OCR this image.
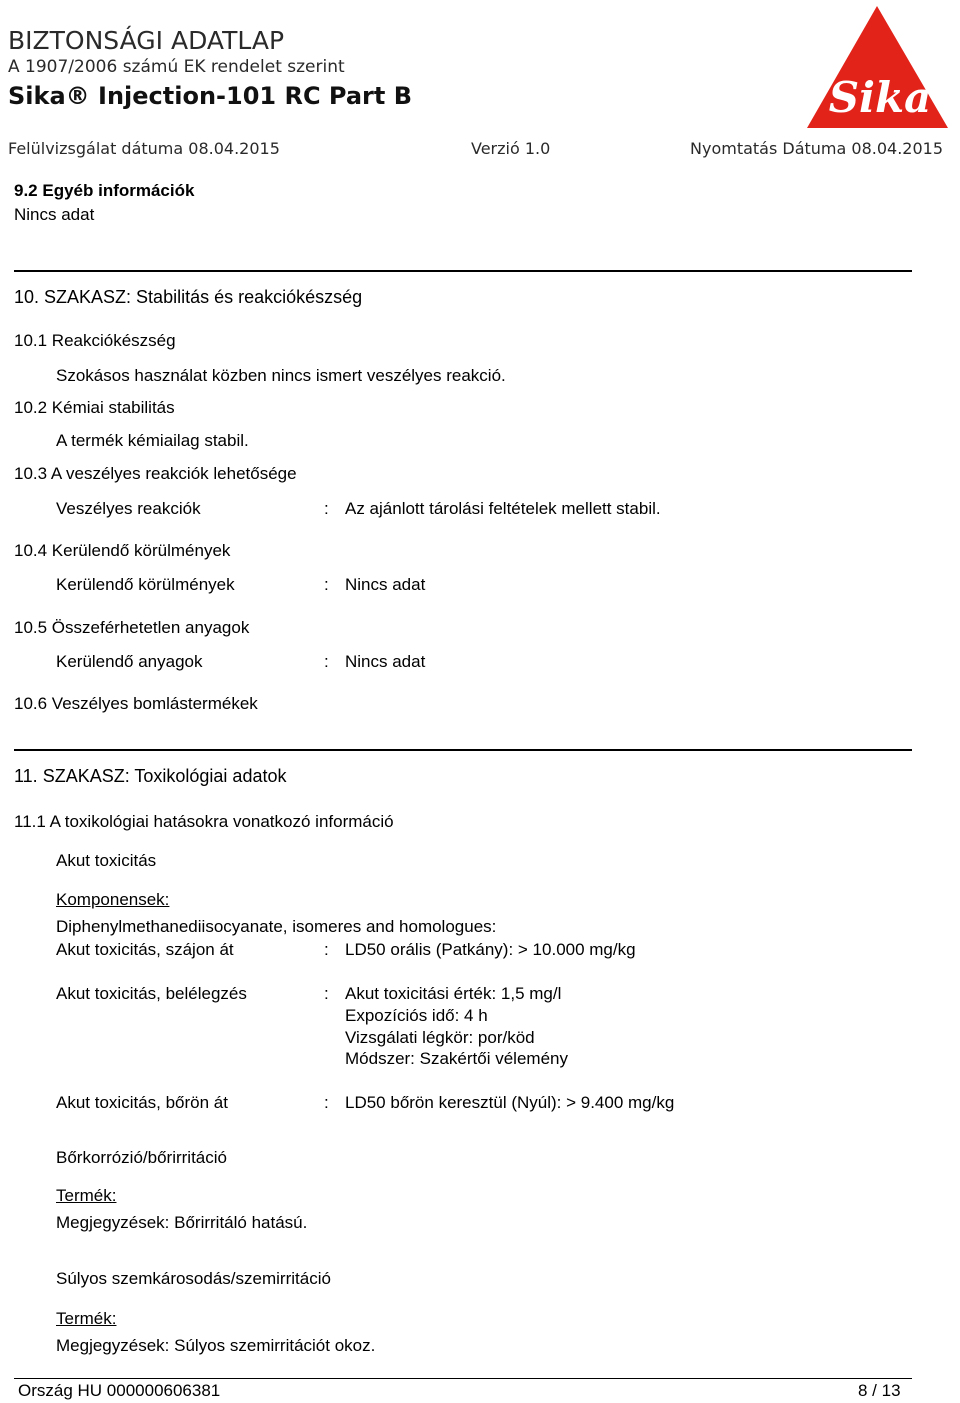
BIZTONSÁGI ADATLAP
A 1907/2006 számú EK rendelet szerint
Sika® Injection-101 RC Part B
Felülvizsgálat dátuma 08.04.2015	Verzió 1.0	Nyomtatás Dátuma 08.04.2015
Sika
9.2 Egyéb információk
Nincs adat
10. SZAKASZ: Stabilitás és reakciókészség
10.1 Reakciókészség
Szokásos használat közben nincs ismert veszélyes reakció.
10.2 Kémiai stabilitás
A termék kémiailag stabil.
10.3 A veszélyes reakciók lehetősége
Veszélyes reakciók	: Az ajánlott tárolási feltételek mellett stabil.
10.4 Kerülendő körülmények
Kerülendő körülmények	: Nincs adat
10.5 Összeférhetetlen anyagok
Kerülendő anyagok	: Nincs adat
10.6 Veszélyes bomlástermékek
11. SZAKASZ: Toxikológiai adatok
11.1 A toxikológiai hatásokra vonatkozó információ
Akut toxicitás
Komponensek:
Diphenylmethanediisocyanate, isomeres and homologues:
Akut toxicitás, szájon át	: LD50 orális (Patkány): > 10.000 mg/kg
Akut toxicitás, belélegzés	: Akut toxicitási érték: 1,5 mg/l
Expozíciós idő: 4 h
Vizsgálati légkör: por/köd
Módszer: Szakértői vélemény
Akut toxicitás, bőrön át	: LD50 bőrön keresztül (Nyúl): > 9.400 mg/kg
Bőrkorrózió/bőrirritáció
Termék:
Megjegyzések: Bőrirritáló hatású.
Súlyos szemkárosodás/szemirritáció
Termék:
Megjegyzések: Súlyos szemirritációt okoz.
Ország HU 000000606381	8 / 13
